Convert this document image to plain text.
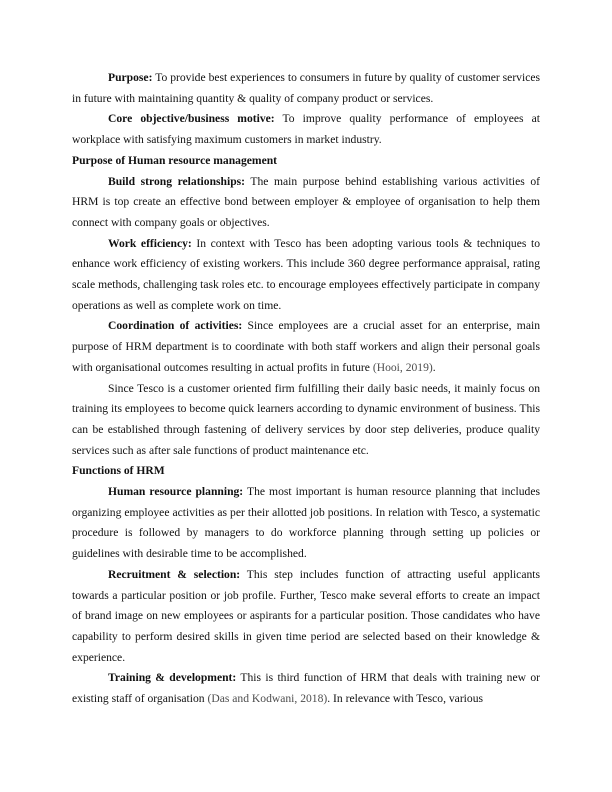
Purpose: To provide best experiences to consumers in future by quality of customer services in future with maintaining quantity & quality of company product or services.

Core objective/business motive: To improve quality performance of employees at workplace with satisfying maximum customers in market industry.

Purpose of Human resource management

Build strong relationships: The main purpose behind establishing various activities of HRM is top create an effective bond between employer & employee of organisation to help them connect with company goals or objectives.

Work efficiency: In context with Tesco has been adopting various tools & techniques to enhance work efficiency of existing workers. This include 360 degree performance appraisal, rating scale methods, challenging task roles etc. to encourage employees effectively participate in company operations as well as complete work on time.

Coordination of activities: Since employees are a crucial asset for an enterprise, main purpose of HRM department is to coordinate with both staff workers and align their personal goals with organisational outcomes resulting in actual profits in future (Hooi, 2019).

Since Tesco is a customer oriented firm fulfilling their daily basic needs, it mainly focus on training its employees to become quick learners according to dynamic environment of business. This can be established through fastening of delivery services by door step deliveries, produce quality services such as after sale functions of product maintenance etc.

Functions of HRM

Human resource planning: The most important is human resource planning that includes organizing employee activities as per their allotted job positions. In relation with Tesco, a systematic procedure is followed by managers to do workforce planning through setting up policies or guidelines with desirable time to be accomplished.

Recruitment & selection: This step includes function of attracting useful applicants towards a particular position or job profile. Further, Tesco make several efforts to create an impact of brand image on new employees or aspirants for a particular position. Those candidates who have capability to perform desired skills in given time period are selected based on their knowledge & experience.

Training & development: This is third function of HRM that deals with training new or existing staff of organisation (Das and Kodwani, 2018). In relevance with Tesco, various
